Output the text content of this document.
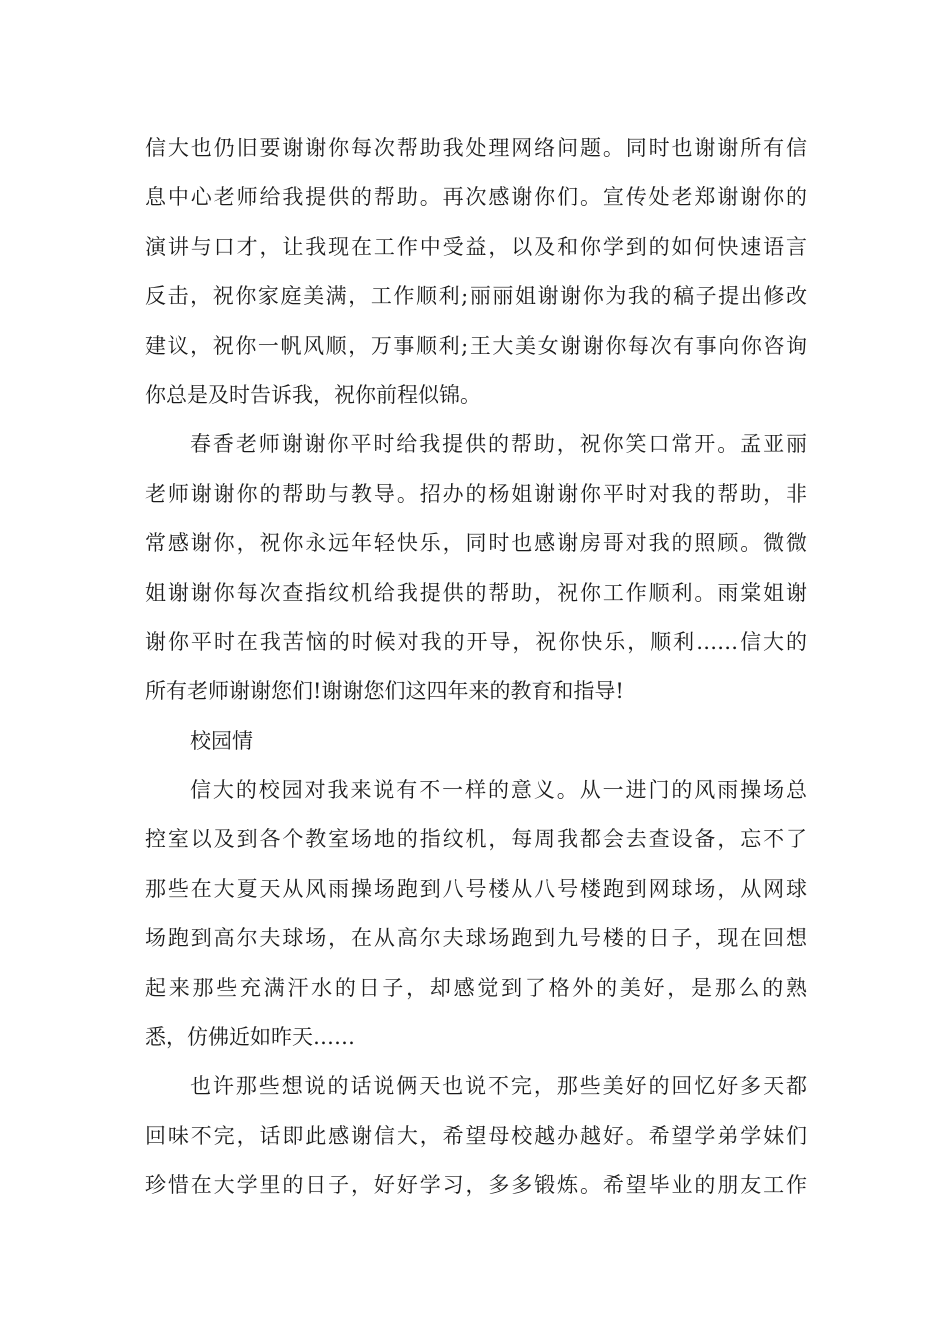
信大也仍旧要谢谢你每次帮助我处理网络问题。同时也谢谢所有信
息中心老师给我提供的帮助。再次感谢你们。宣传处老郑谢谢你的
演讲与口才，让我现在工作中受益，以及和你学到的如何快速语言
反击，祝你家庭美满，工作顺利;丽丽姐谢谢你为我的稿子提出修改
建议，祝你一帆风顺，万事顺利;王大美女谢谢你每次有事向你咨询
你总是及时告诉我，祝你前程似锦。
春香老师谢谢你平时给我提供的帮助，祝你笑口常开。孟亚丽
老师谢谢你的帮助与教导。招办的杨姐谢谢你平时对我的帮助，非
常感谢你，祝你永远年轻快乐，同时也感谢房哥对我的照顾。微微
姐谢谢你每次查指纹机给我提供的帮助，祝你工作顺利。雨棠姐谢
谢你平时在我苦恼的时候对我的开导，祝你快乐，顺利……信大的
所有老师谢谢您们!谢谢您们这四年来的教育和指导!
校园情
信大的校园对我来说有不一样的意义。从一进门的风雨操场总
控室以及到各个教室场地的指纹机，每周我都会去查设备，忘不了
那些在大夏天从风雨操场跑到八号楼从八号楼跑到网球场，从网球
场跑到高尔夫球场，在从高尔夫球场跑到九号楼的日子，现在回想
起来那些充满汗水的日子，却感觉到了格外的美好，是那么的熟
悉，仿佛近如昨天……
也许那些想说的话说俩天也说不完，那些美好的回忆好多天都
回味不完，话即此感谢信大，希望母校越办越好。希望学弟学妹们
珍惜在大学里的日子，好好学习，多多锻炼。希望毕业的朋友工作
